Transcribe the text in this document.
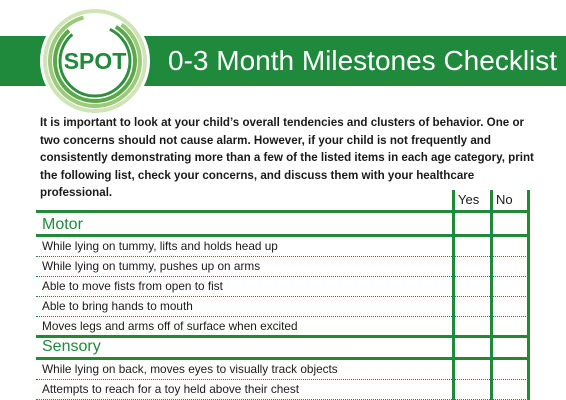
SPOT 0-3 Month Milestones Checklist
It is important to look at your child’s overall tendencies and clusters of behavior. One or two concerns should not cause alarm. However, if your child is not frequently and consistently demonstrating more than a few of the listed items in each age category, print the following list, check your concerns, and discuss them with your healthcare professional.	Yes No
Motor
While lying on tummy, lifts and holds head up
While lying on tummy, pushes up on arms
Able to move fists from open to fist
Able to bring hands to mouth
Moves legs and arms off of surface when excited
Sensory
While lying on back, moves eyes to visually track objects
Attempts to reach for a toy held above their chest
